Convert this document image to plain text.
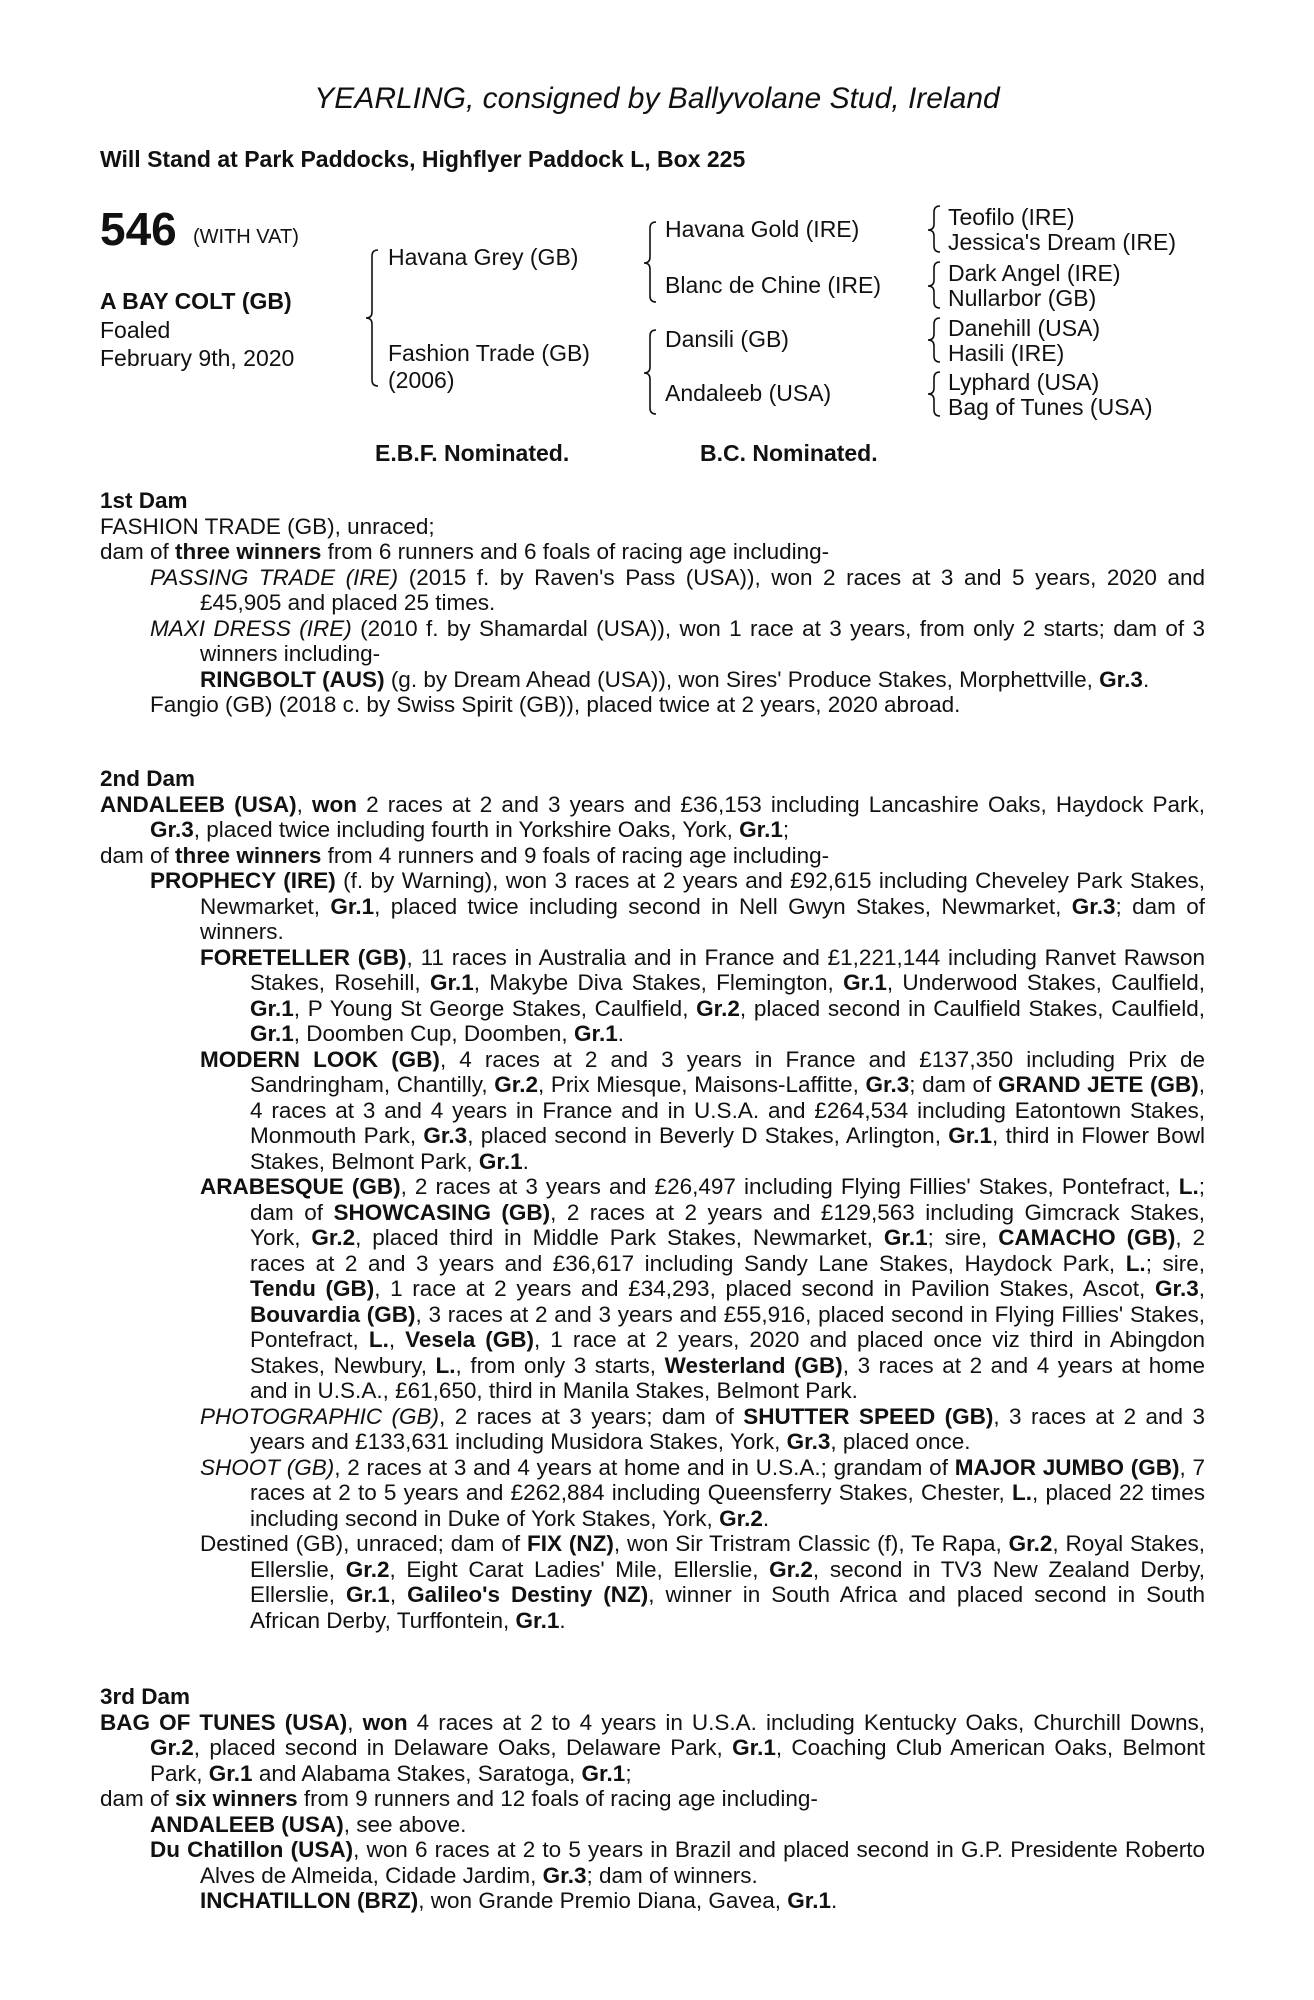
YEARLING, consigned by Ballyvolane Stud, Ireland
Will Stand at Park Paddocks, Highflyer Paddock L, Box 225
546 (WITH VAT)
A BAY COLT (GB)
Foaled
February 9th, 2020
Havana Grey (GB)
Fashion Trade (GB)
(2006)
Havana Gold (IRE)
Blanc de Chine (IRE)
Dansili (GB)
Andaleeb (USA)
Teofilo (IRE)
Jessica's Dream (IRE)
Dark Angel (IRE)
Nullarbor (GB)
Danehill (USA)
Hasili (IRE)
Lyphard (USA)
Bag of Tunes (USA)
E.B.F. Nominated.	B.C. Nominated.
1st Dam
FASHION TRADE (GB), unraced;
dam of three winners from 6 runners and 6 foals of racing age including-
PASSING TRADE (IRE) (2015 f. by Raven's Pass (USA)), won 2 races at 3 and 5 years, 2020 and £45,905 and placed 25 times.
MAXI DRESS (IRE) (2010 f. by Shamardal (USA)), won 1 race at 3 years, from only 2 starts; dam of 3 winners including-
RINGBOLT (AUS) (g. by Dream Ahead (USA)), won Sires' Produce Stakes, Morphettville, Gr.3.
Fangio (GB) (2018 c. by Swiss Spirit (GB)), placed twice at 2 years, 2020 abroad.
2nd Dam
ANDALEEB (USA), won 2 races at 2 and 3 years and £36,153 including Lancashire Oaks, Haydock Park, Gr.3, placed twice including fourth in Yorkshire Oaks, York, Gr.1;
dam of three winners from 4 runners and 9 foals of racing age including-
PROPHECY (IRE) (f. by Warning), won 3 races at 2 years and £92,615 including Cheveley Park Stakes, Newmarket, Gr.1, placed twice including second in Nell Gwyn Stakes, Newmarket, Gr.3; dam of winners.
FORETELLER (GB), 11 races in Australia and in France and £1,221,144 including Ranvet Rawson Stakes, Rosehill, Gr.1, Makybe Diva Stakes, Flemington, Gr.1, Underwood Stakes, Caulfield, Gr.1, P Young St George Stakes, Caulfield, Gr.2, placed second in Caulfield Stakes, Caulfield, Gr.1, Doomben Cup, Doomben, Gr.1.
MODERN LOOK (GB), 4 races at 2 and 3 years in France and £137,350 including Prix de Sandringham, Chantilly, Gr.2, Prix Miesque, Maisons-Laffitte, Gr.3; dam of GRAND JETE (GB), 4 races at 3 and 4 years in France and in U.S.A. and £264,534 including Eatontown Stakes, Monmouth Park, Gr.3, placed second in Beverly D Stakes, Arlington, Gr.1, third in Flower Bowl Stakes, Belmont Park, Gr.1.
ARABESQUE (GB), 2 races at 3 years and £26,497 including Flying Fillies' Stakes, Pontefract, L.; dam of SHOWCASING (GB), 2 races at 2 years and £129,563 including Gimcrack Stakes, York, Gr.2, placed third in Middle Park Stakes, Newmarket, Gr.1; sire, CAMACHO (GB), 2 races at 2 and 3 years and £36,617 including Sandy Lane Stakes, Haydock Park, L.; sire, Tendu (GB), 1 race at 2 years and £34,293, placed second in Pavilion Stakes, Ascot, Gr.3, Bouvardia (GB), 3 races at 2 and 3 years and £55,916, placed second in Flying Fillies' Stakes, Pontefract, L., Vesela (GB), 1 race at 2 years, 2020 and placed once viz third in Abingdon Stakes, Newbury, L., from only 3 starts, Westerland (GB), 3 races at 2 and 4 years at home and in U.S.A., £61,650, third in Manila Stakes, Belmont Park.
PHOTOGRAPHIC (GB), 2 races at 3 years; dam of SHUTTER SPEED (GB), 3 races at 2 and 3 years and £133,631 including Musidora Stakes, York, Gr.3, placed once.
SHOOT (GB), 2 races at 3 and 4 years at home and in U.S.A.; grandam of MAJOR JUMBO (GB), 7 races at 2 to 5 years and £262,884 including Queensferry Stakes, Chester, L., placed 22 times including second in Duke of York Stakes, York, Gr.2.
Destined (GB), unraced; dam of FIX (NZ), won Sir Tristram Classic (f), Te Rapa, Gr.2, Royal Stakes, Ellerslie, Gr.2, Eight Carat Ladies' Mile, Ellerslie, Gr.2, second in TV3 New Zealand Derby, Ellerslie, Gr.1, Galileo's Destiny (NZ), winner in South Africa and placed second in South African Derby, Turffontein, Gr.1.
3rd Dam
BAG OF TUNES (USA), won 4 races at 2 to 4 years in U.S.A. including Kentucky Oaks, Churchill Downs, Gr.2, placed second in Delaware Oaks, Delaware Park, Gr.1, Coaching Club American Oaks, Belmont Park, Gr.1 and Alabama Stakes, Saratoga, Gr.1;
dam of six winners from 9 runners and 12 foals of racing age including-
ANDALEEB (USA), see above.
Du Chatillon (USA), won 6 races at 2 to 5 years in Brazil and placed second in G.P. Presidente Roberto Alves de Almeida, Cidade Jardim, Gr.3; dam of winners.
INCHATILLON (BRZ), won Grande Premio Diana, Gavea, Gr.1.
